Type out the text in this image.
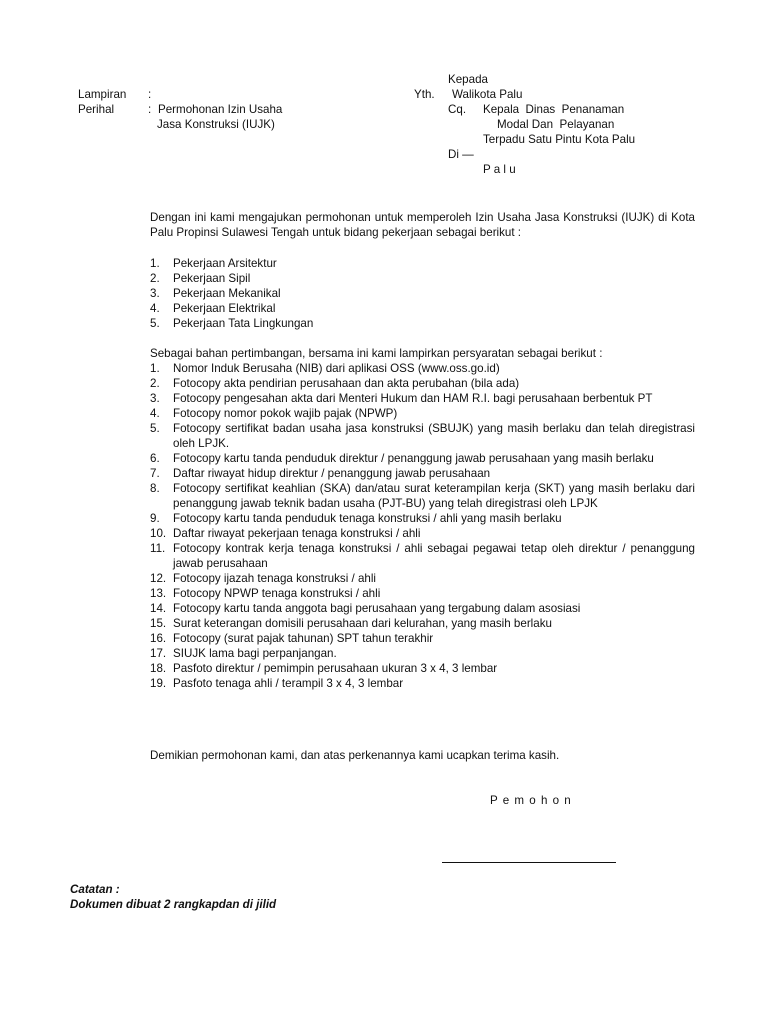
Lampiran :
Perihal	: Permohonan Izin Usaha
Jasa Konstruksi (IUJK)
Kepada
Yth. Walikota Palu
Cq. Kepala  Dinas  Penanaman
Modal Dan  Pelayanan
Terpadu Satu Pintu Kota Palu
Di —
P a l u

Dengan ini kami mengajukan permohonan untuk memperoleh Izin Usaha Jasa Konstruksi (IUJK) di Kota Palu Propinsi Sulawesi Tengah untuk bidang pekerjaan sebagai berikut :

1. Pekerjaan Arsitektur
2. Pekerjaan Sipil
3. Pekerjaan Mekanikal
4. Pekerjaan Elektrikal
5. Pekerjaan Tata Lingkungan
Sebagai bahan pertimbangan, bersama ini kami lampirkan persyaratan sebagai berikut :
1. Nomor Induk Berusaha (NIB) dari aplikasi OSS (www.oss.go.id)
2. Fotocopy akta pendirian perusahaan dan akta perubahan (bila ada)
3. Fotocopy pengesahan akta dari Menteri Hukum dan HAM R.I. bagi perusahaan berbentuk PT
4. Fotocopy nomor pokok wajib pajak (NPWP)
5. Fotocopy sertifikat badan usaha jasa konstruksi (SBUJK) yang masih berlaku dan telah diregistrasi oleh LPJK.
6. Fotocopy kartu tanda penduduk direktur / penanggung jawab perusahaan yang masih berlaku
7. Daftar riwayat hidup direktur / penanggung jawab perusahaan
8. Fotocopy sertifikat keahlian (SKA) dan/atau surat keterampilan kerja (SKT) yang masih berlaku dari penanggung jawab teknik badan usaha (PJT-BU) yang telah diregistrasi oleh LPJK
9. Fotocopy kartu tanda penduduk tenaga konstruksi / ahli yang masih berlaku
10. Daftar riwayat pekerjaan tenaga konstruksi / ahli
11. Fotocopy kontrak kerja tenaga konstruksi / ahli sebagai pegawai tetap oleh direktur / penanggung jawab perusahaan
12. Fotocopy ijazah tenaga konstruksi / ahli
13. Fotocopy NPWP tenaga konstruksi / ahli
14. Fotocopy kartu tanda anggota bagi perusahaan yang tergabung dalam asosiasi
15. Surat keterangan domisili perusahaan dari kelurahan, yang masih berlaku
16. Fotocopy (surat pajak tahunan) SPT tahun terakhir
17. SIUJK lama bagi perpanjangan.
18. Pasfoto direktur / pemimpin perusahaan ukuran 3 x 4, 3 lembar
19. Pasfoto tenaga ahli / terampil 3 x 4, 3 lembar
Demikian permohonan kami, dan atas perkenannya kami ucapkan terima kasih.
P e m o h o n
Catatan :
Dokumen dibuat 2 rangkapdan di jilid
